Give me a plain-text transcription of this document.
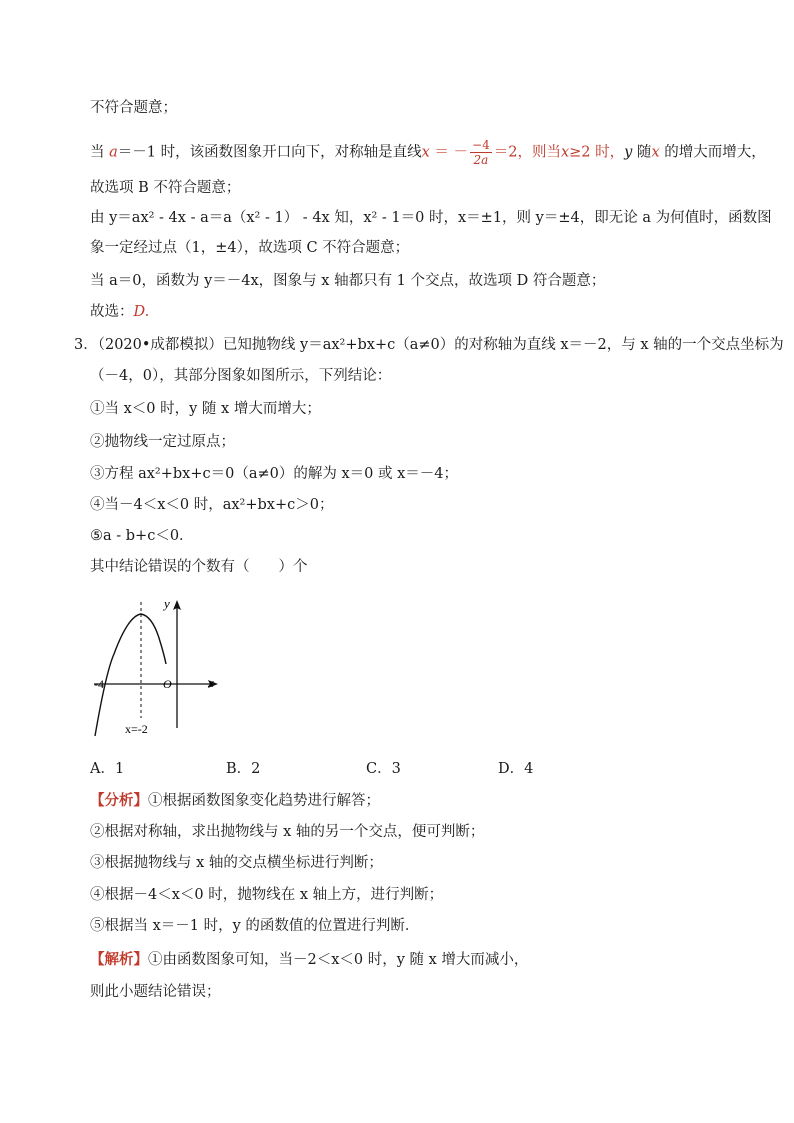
不符合题意；
当 a＝－1 时，该函数图象开口向下，对称轴是直线x ＝ － $\frac{-4}{2a} =2$，则当x≥2 时，y 随x 的增大而增大，
故选项 B 不符合题意；
由 y＝ax² - 4x - a＝a（x² - 1） - 4x 知，x² - 1＝0 时，x＝±1，则 y＝±4，即无论 a 为何值时，函数图
象一定经过点（1，±4），故选项 C 不符合题意；
当 a＝0，函数为 y＝－4x，图象与 x 轴都只有 1 个交点，故选项 D 符合题意；
故选：D.
3．（2020•成都模拟）已知抛物线 y＝ax²+bx+c（a≠0）的对称轴为直线 x＝－2，与 x 轴的一个交点坐标为
（－4，0），其部分图象如图所示，下列结论：
①当 x＜0 时，y 随 x 增大而增大；
②抛物线一定过原点；
③方程 ax²+bx+c＝0（a≠0）的解为 x＝0 或 x＝－4；
④当－4＜x＜0 时，ax²+bx+c＞0；
⑤a - b+c＜0．
其中结论错误的个数有（　　）个
y
x
O
-4
x=-2
A．1	B．2	C．3	D．4
【分析】①根据函数图象变化趋势进行解答；
②根据对称轴，求出抛物线与 x 轴的另一个交点，便可判断；
③根据抛物线与 x 轴的交点横坐标进行判断；
④根据－4＜x＜0 时，抛物线在 x 轴上方，进行判断；
⑤根据当 x＝－1 时，y 的函数值的位置进行判断．
【解析】①由函数图象可知，当－2＜x＜0 时，y 随 x 增大而减小，
则此小题结论错误；
